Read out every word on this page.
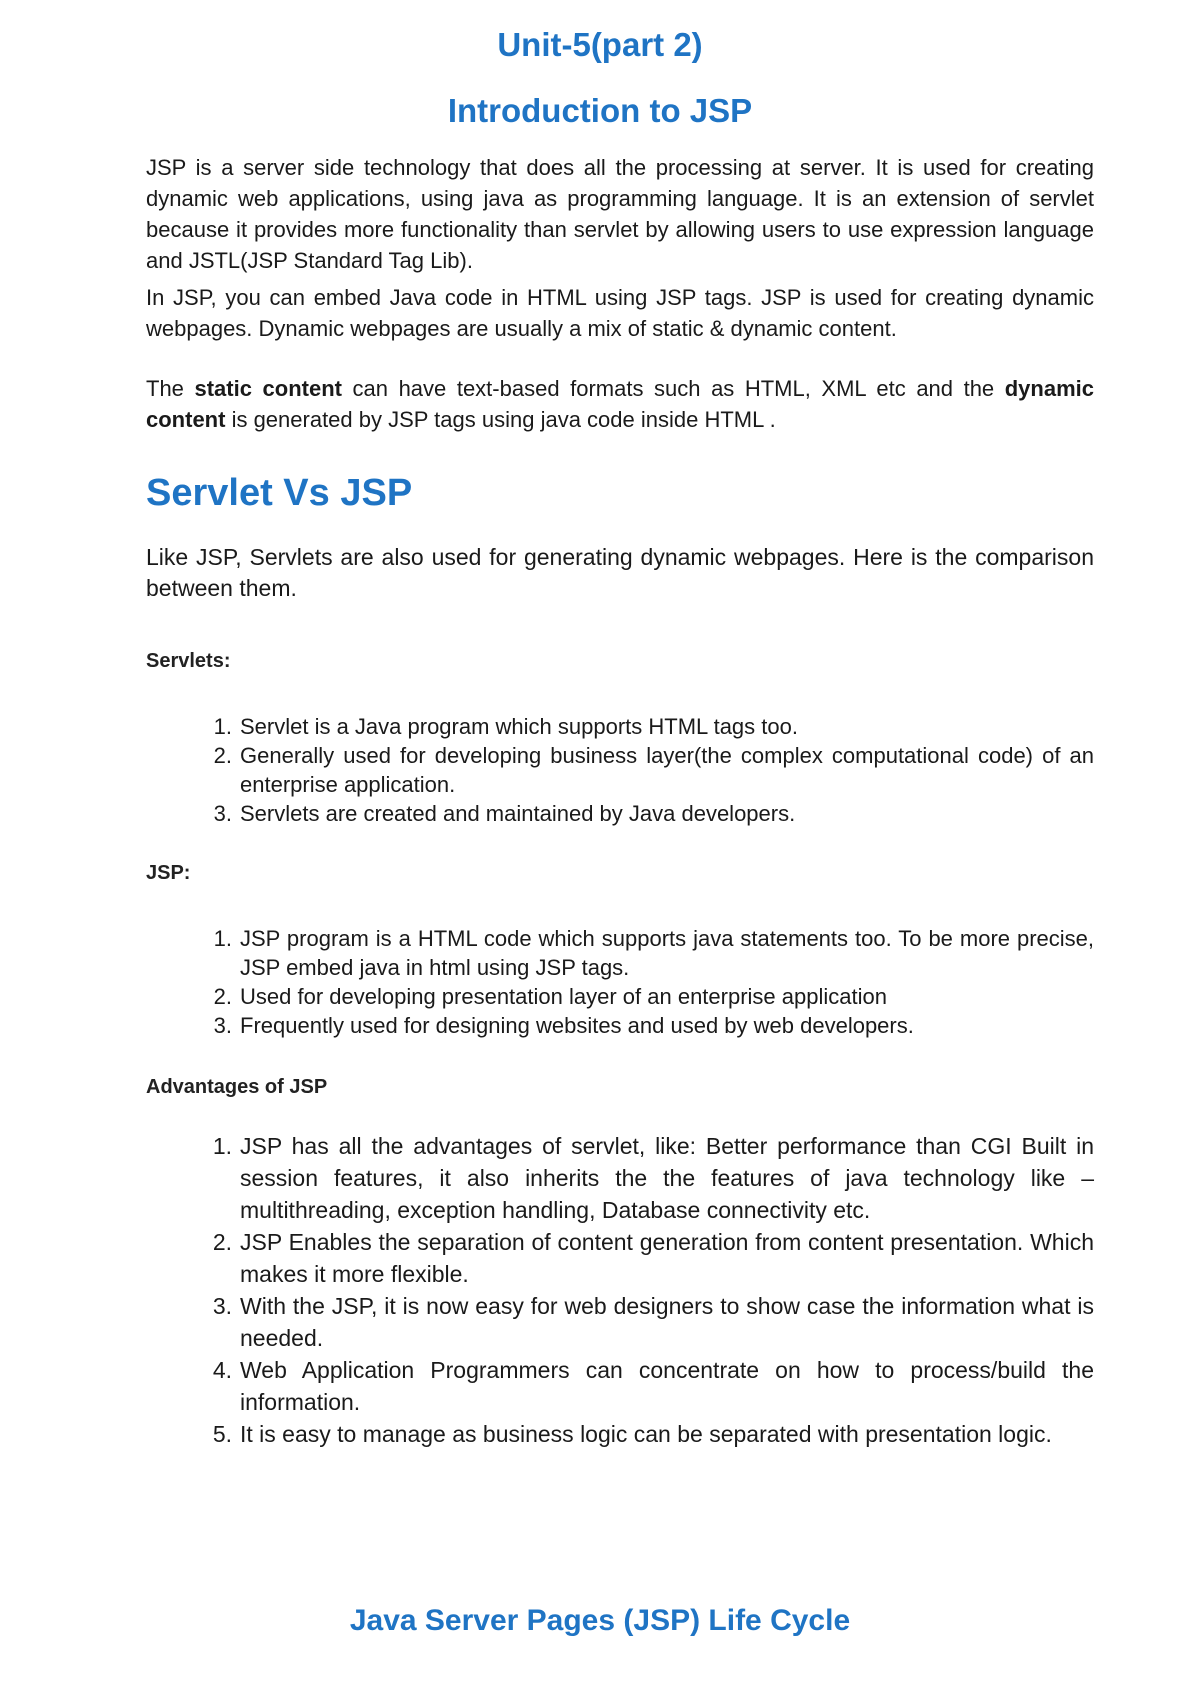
Unit-5(part 2)
Introduction to JSP

JSP is a server side technology that does all the processing at server. It is used for creating dynamic web applications, using java as programming language. It is an extension of servlet because it provides more functionality than servlet by allowing users to use expression language and JSTL(JSP Standard Tag Lib).

In JSP, you can embed Java code in HTML using JSP tags. JSP is used for creating dynamic webpages. Dynamic webpages are usually a mix of static & dynamic content.

The static content can have text-based formats such as HTML, XML etc and the dynamic content is generated by JSP tags using java code inside HTML .

Servlet Vs JSP

Like JSP, Servlets are also used for generating dynamic webpages. Here is the comparison between them.

Servlets:

1. Servlet is a Java program which supports HTML tags too.
2. Generally used for developing business layer(the complex computational code) of an enterprise application.
3. Servlets are created and maintained by Java developers.

JSP:

1. JSP program is a HTML code which supports java statements too. To be more precise, JSP embed java in html using JSP tags.
2. Used for developing presentation layer of an enterprise application
3. Frequently used for designing websites and used by web developers.

Advantages of JSP

1. JSP has all the advantages of servlet, like: Better performance than CGI Built in session features, it also inherits the the features of java technology like – multithreading, exception handling, Database connectivity etc.
2. JSP Enables the separation of content generation from content presentation. Which makes it more flexible.
3. With the JSP, it is now easy for web designers to show case the information what is needed.
4. Web Application Programmers can concentrate on how to process/build the information.
5. It is easy to manage as business logic can be separated with presentation logic.
Java Server Pages (JSP) Life Cycle
